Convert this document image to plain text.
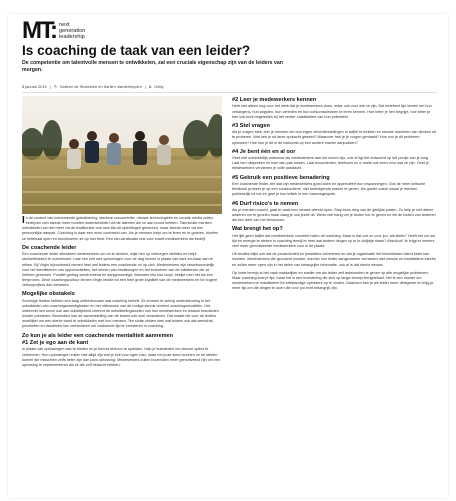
MT: next
generation
leadership
Is coaching de taak van een leider?
De competentie om talentvolle mensen te ontwikkelen, zal een cruciale eigenschap zijn van de leiders van morgen.
8 januari 2019 | ✎ Katleen de Stobbeleir en Karlien Vanderheyden | ◘ Getty

In de context van toenemende globalisering, sterkere concurrentie, nieuwe technologieën en sociale media zullen bedrijven zich steeds meer moeten onderscheiden via de talenten die ze aan boord hebben. Talentvolle mensen ontwikkelen zal niet meer via de traditionele one-size-fits-all opleidingen gebeuren, maar steeds meer via een persoonlijke aanpak. Coaching is daar een mooi voorbeeld van. Als je mensen helpt om te leren en te groeien, bloeien ze helemaal open en functioneren ze op hun best. Een win-winsituatie dus voor zowel medewerkers als bedrijf.

De coachende leider

Een coachende leider stimuleert medewerkers om na te denken, wijst hen op verborgen sterktes en helpt struikelblokken te overwinnen. Laat hen zelf met oplossingen voor de dag komen in plaats van kant-en-klaar aan te reiken. Bij Virgin bijvoorbeeld nemen heel wat leiders een coachende rol op zich. Medewerkers zijn verantwoordelijk voor het identificeren van opportuniteiten, het nemen van beslissingen en het evalueren van de initiatieven die ze hebben genomen. Positief gedrag wordt erkend en aangemoedigd. Wanneer iets fout loopt, bekijkt men het als een leerproces. Deze coachingscultuur binnen Virgin leidde tot een heel grote loyaliteit van de medewerkers en tot hogere verkoopcijfers dan verwacht.

Mogelijke obstakels

Sommige leiders hebben een laag zelfvertrouwen wat coaching betreft. Ze ervaren te weinig ondersteuning in het ontwikkelen van coachingsvaardigheden en het uitbouwen van de nodige kennis omtrent coachingsmodellen. Het ontbreekt hen soms ook aan duidelijkheid omtrent de ontwikkelingsnoden van hun medewerkers en waaron teamleden minder presteren. Bovendien kan de samenstelling van de teams ook snel veranderen. Dat maakt het voor de leiders moeilijker om een sterke band te ontwikkelen met hun mensen. Ten slotte vinden heel wat leiders ook dat werkdruk, prioriteiten en deadlines hen verhinderen om voldoende tijd te investeren in coaching.

Zo kun je als leider een coachende mentaliteit aannemen
#1 Zet je ego aan de kant

In plaats van oplossingen aan te bieden en je kennis tentoon te spreiden, help je teamleden om nieuwe opties te verkennen. Hun oplossingen zullen niet altijd zijn wat je zelf voor ogen had, maar net jouw steun kunnen ze tot ideeën komen die misschien zelfs beter zijn dan jouw oplossing. Medewerkers zullen bovendien meer gemotiveerd zijn om een oplossing te implementeren als ze die zelf bedacht hebben.

#2 Leer je medewerkers kennen

Hebt niet alleen oog voor het werk dat je medewerkers doen, maar ook voor wie ze zijn. Dat betekent tijd nemen om hun verlangens, hun angsten, hun verleden en hun toekomstdromen te leren kennen. Hoe beter je hen begrijpt, hoe beter je hen ook kunt begeleiden bij het verder ontwikkelen van hun potentieel.

#3 Stel vragen

Als je vragen stelt, leer je mensen om hun eigen veronderstellingen in twijfel te trekken en nieuwe manieren van denken uit te proberen. Wat heb je uit deze opdracht geleerd? Waarover heb je je zorgen gemaakt? Hoe zou je dit probleem oplossen? Hoe kun je dit in de toekomst op een andere manier aanpakken?

#4 Je bent één en al oor

Geef niet onmiddellijk antwoord als medewerkers aan het woord zijn, ook al ligt het antwoord op het puntje van je tong. Laat hen uitspreken en kom dan pas tussen. Laat documenten, telefoons en e-mails ook even voor wat ze zijn. Geef je medewerkers verdienen je volle aandacht.

#5 Gebruik een positieve benadering

Een coachende leider ziet wat zijn medewerkers goed doen en appreciëert hun inspanningen. Ook de meer kritische feedback probeer je op een constructieve, niet bedreigende manier te geven. Als goede coach zwaai je mensen publiekelijk lof toe en geef je hen kritiek in een havenegesprek.

#6 Durf risico's te nemen

Als je mensen coacht, gaat er vaak een nieuwe wereld open. Stap eens weg van de gekijkte paden. Zo help je niet alleen anderen om te groeien maar daag je ook jezelf uit. Wees niet bang om je fouten toe te geven en zie de fouten van anderen als een deel van het leerproces.

Wat brengt het op?

Het lijkt geen twijfel dat medewerkers voordeel halen uit coaching. Maar is dat ook zo voor jou, als leider? Heeft het zin om tijd en energie te steken in coaching terwijl er heel wat andere dingen op je to-dolijstje staan? Absoluut! Je krijgt er immers veel meer gemotiveerde medewerkers voor in de plaats.

Uit studies blijkt ook dat de productiviteit en prestaties verbeteren en dat je organisatie het beschikbare talent beter kan inzetten. Medewerkers die gecoacht worden, kunnen hun leider aangenamen verrassen met nieuwe en kwalitatieve ideeën en zullen meer open zijn in het delen van belangrijke informatie, ook al is dat slecht nieuws.

Op korte termijn is het vaak makkelijker en sneller om als leider zelf antwoorden te geven op alle mogelijke problemen. Maar coaching kost je tijd, maar het is een investering die zich op lange termijn terugbetaalt. Het is een manier om medewerkers te ontwikkelen tot zelfstandige oplossers op te vinden. Daardoor kan je als leider meer delegeren en krijg je meer tijd om die dingen te doen die voor jou echt belangrijk zijn.
